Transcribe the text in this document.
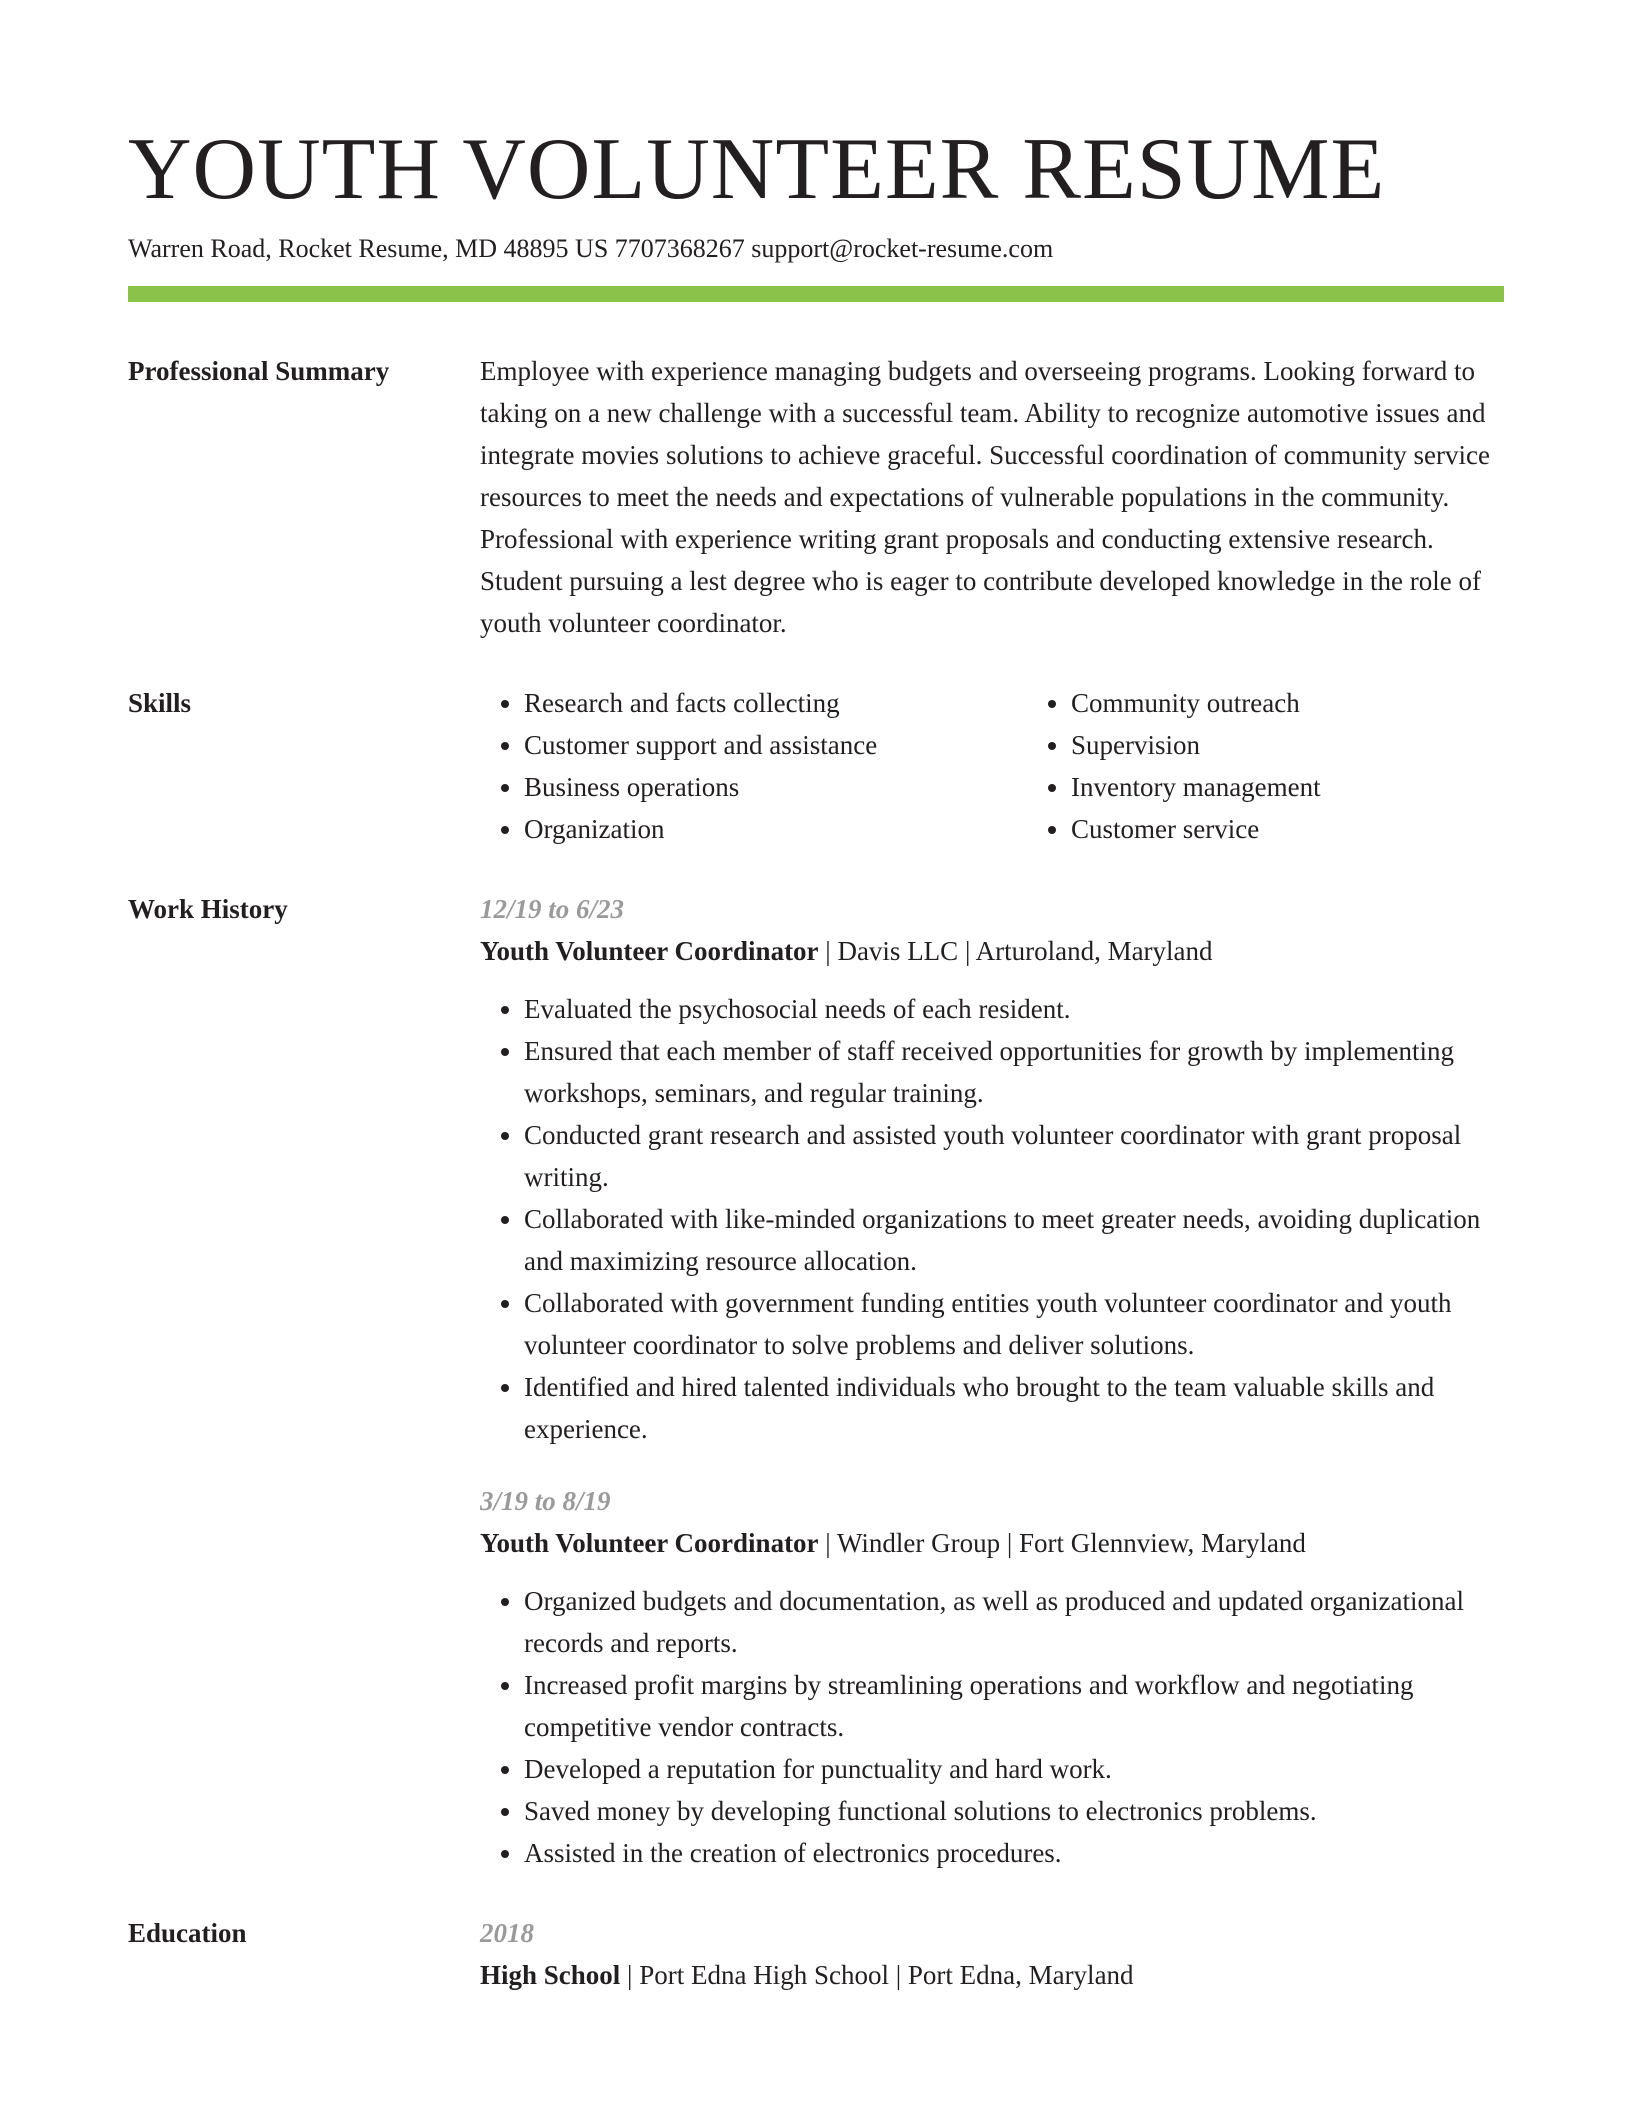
YOUTH VOLUNTEER RESUME
Warren Road, Rocket Resume, MD 48895 US 7707368267 support@rocket-resume.com
Professional Summary	Employee with experience managing budgets and overseeing programs. Looking forward to taking on a new challenge with a successful team. Ability to recognize automotive issues and integrate movies solutions to achieve graceful. Successful coordination of community service resources to meet the needs and expectations of vulnerable populations in the community. Professional with experience writing grant proposals and conducting extensive research. Student pursuing a lest degree who is eager to contribute developed knowledge in the role of youth volunteer coordinator.
Skills
•	Research and facts collecting
• Customer support and assistance
• Business operations
• Organization
• Community outreach
• Supervision
• Inventory management
• Customer service
Work History	12/19 to 6/23
Youth Volunteer Coordinator | Davis LLC | Arturoland, Maryland
• Evaluated the psychosocial needs of each resident.
• Ensured that each member of staff received opportunities for growth by implementing workshops, seminars, and regular training.
• Conducted grant research and assisted youth volunteer coordinator with grant proposal writing.
• Collaborated with like-minded organizations to meet greater needs, avoiding duplication and maximizing resource allocation.
• Collaborated with government funding entities youth volunteer coordinator and youth volunteer coordinator to solve problems and deliver solutions.
• Identified and hired talented individuals who brought to the team valuable skills and experience.
3/19 to 8/19
Youth Volunteer Coordinator | Windler Group | Fort Glennview, Maryland
• Organized budgets and documentation, as well as produced and updated organizational records and reports.
• Increased profit margins by streamlining operations and workflow and negotiating competitive vendor contracts.
• Developed a reputation for punctuality and hard work.
• Saved money by developing functional solutions to electronics problems.
• Assisted in the creation of electronics procedures.
Education	2018
High School | Port Edna High School | Port Edna, Maryland
